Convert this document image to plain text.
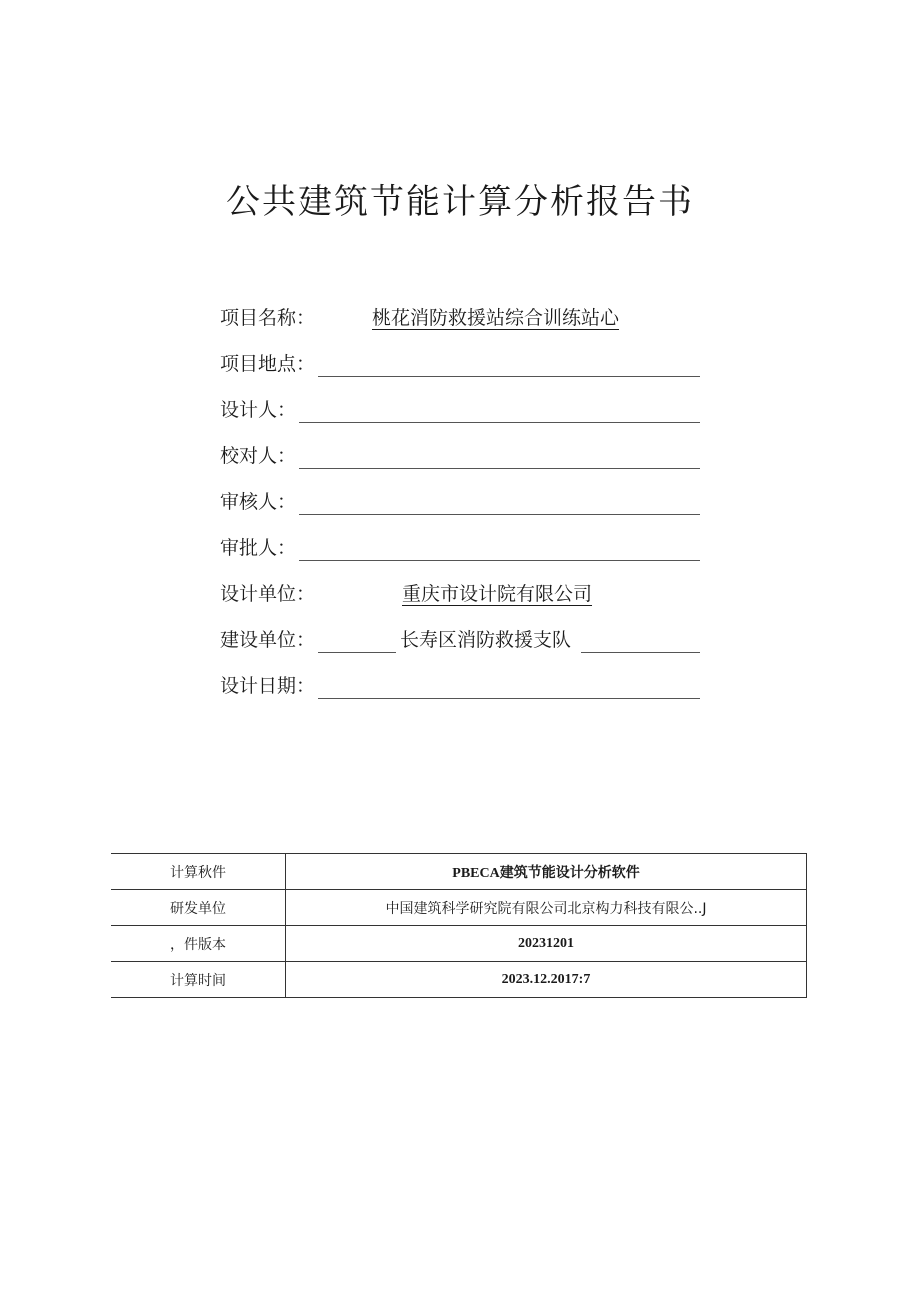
公共建筑节能计算分析报告书
项目名称：	桃花消防救援站综合训练站心
项目地点：
设计人：
校对人：
审核人：
审批人：
设计单位：	重庆市设计院有限公司
建设单位：	长寿区消防救援支队
设计日期：
计算秋件	PBECA建筑节能设计分析软件
研发单位	中国建筑科学研究院有限公司北京构力科技有限公..J
，件版本	20231201
计算时间	2023.12.2017:7
